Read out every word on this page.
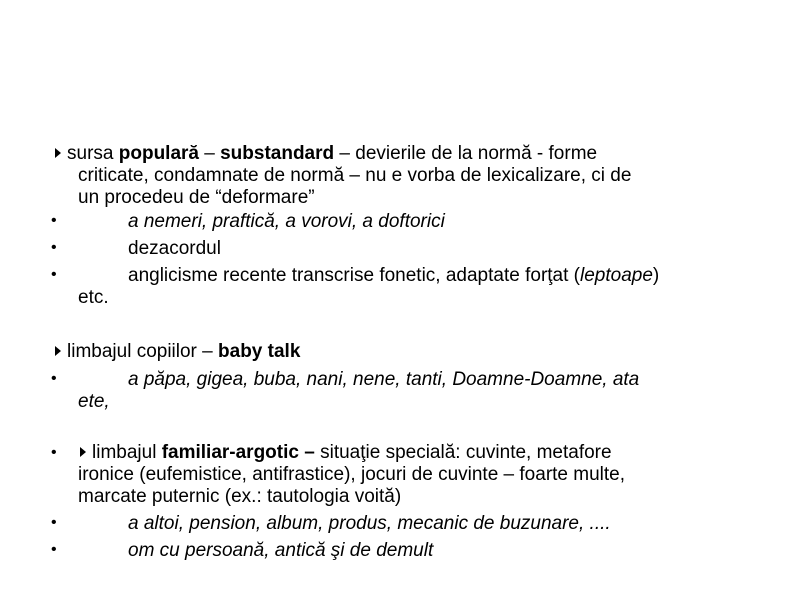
sursa populară – substandard – devierile de la normă - forme
criticate, condamnate de normă – nu e vorba de lexicalizare, ci de
un procedeu de “deformare”
•	a nemeri, praftică, a vorovi, a doftorici
•	dezacordul
•	anglicisme recente transcrise fonetic, adaptate forţat (leptoape)
etc.
limbajul copiilor – baby talk
•	a păpa, gigea, buba, nani, nene, tanti, Doamne-Doamne, ata
ete,
•	limbajul familiar-argotic – situaţie specială: cuvinte, metafore
ironice (eufemistice, antifrastice), jocuri de cuvinte – foarte multe,
marcate puternic (ex.: tautologia voită)
•	a altoi, pension, album, produs, mecanic de buzunare, ....
•	om cu persoană, antică şi de demult
